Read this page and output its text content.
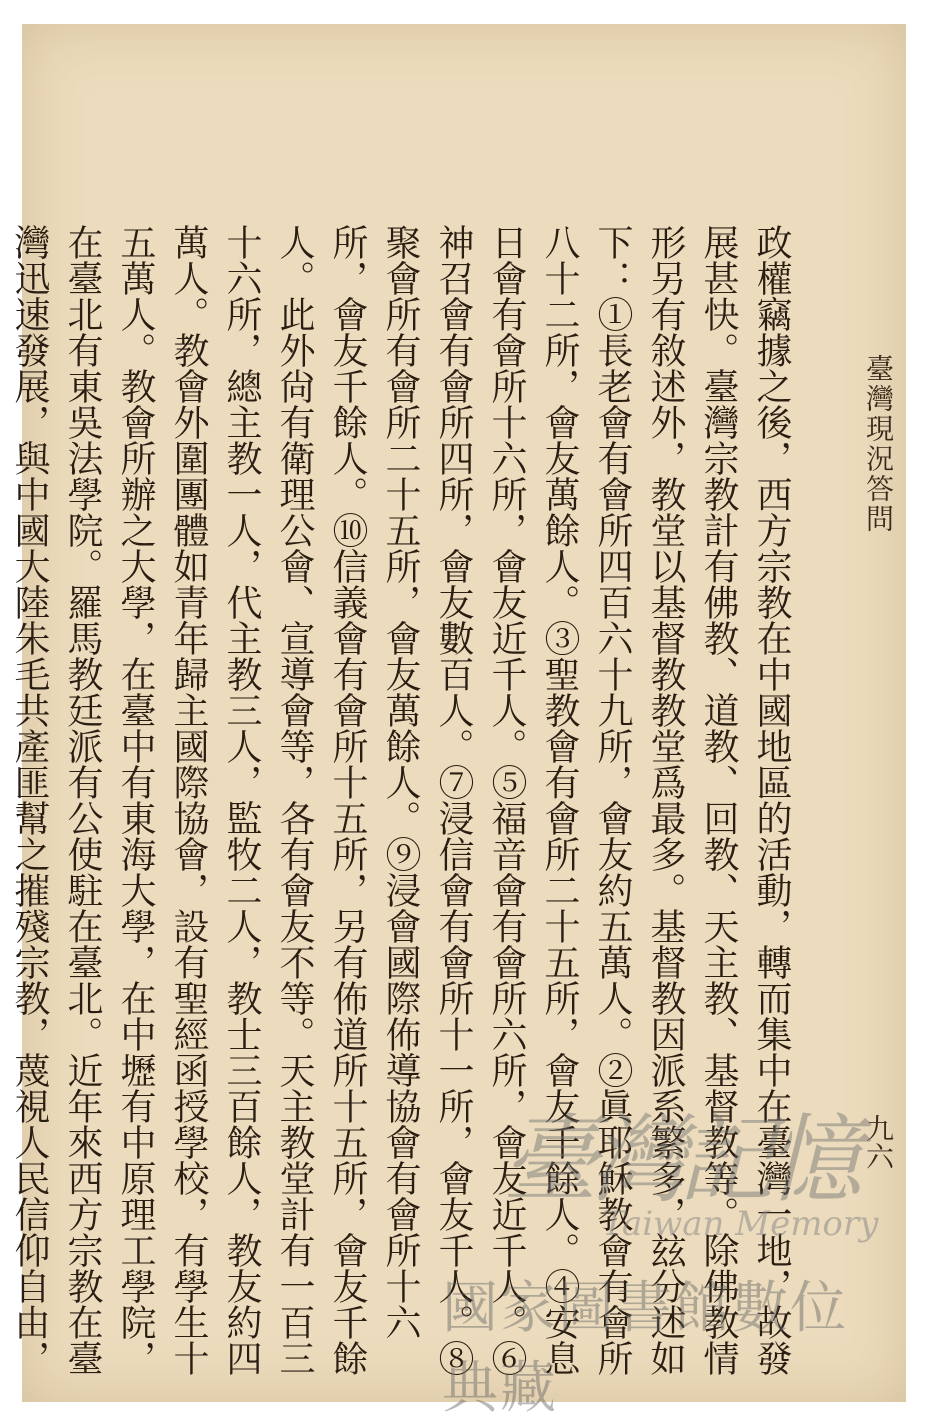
臺灣現況答問
九六

政權竊據之後，西方宗教在中國地區的活動，轉而集中在臺灣一地，故發展甚快。臺灣宗教計有佛教、道教、回教、天主教、基督教等。除佛教情形另有敘述外，教堂以基督教教堂爲最多。基督教因派系繁多，玆分述如下：①長老會有會所四百六十九所，會友約五萬人。②眞耶穌教會有會所八十二所，會友萬餘人。③聖教會有會所二十五所，會友千餘人。④安息日會有會所十六所，會友近千人。⑤福音會有會所六所，會友近千人。⑥神召會有會所四所，會友數百人。⑦浸信會有會所十一所，會友千人。⑧聚會所有會所二十五所，會友萬餘人。⑨浸會國際佈導協會有會所十六所，會友千餘人。⑩信義會有會所十五所，另有佈道所十五所，會友千餘人。此外尙有衛理公會、宣導會等，各有會友不等。天主教堂計有一百三十六所，總主教一人，代主教三人，監牧二人，教士三百餘人，教友約四萬人。教會外圍團體如青年歸主國際協會，設有聖經函授學校，有學生十五萬人。教會所辦之大學，在臺中有東海大學，在中壢有中原理工學院，在臺北有東吳法學院。羅馬教廷派有公使駐在臺北。近年來西方宗教在臺灣迅速發展，與中國大陸朱毛共產匪幫之摧殘宗教，蔑視人民信仰自由，

臺灣記憶
Taiwan Memory
國家圖書館數位典藏
